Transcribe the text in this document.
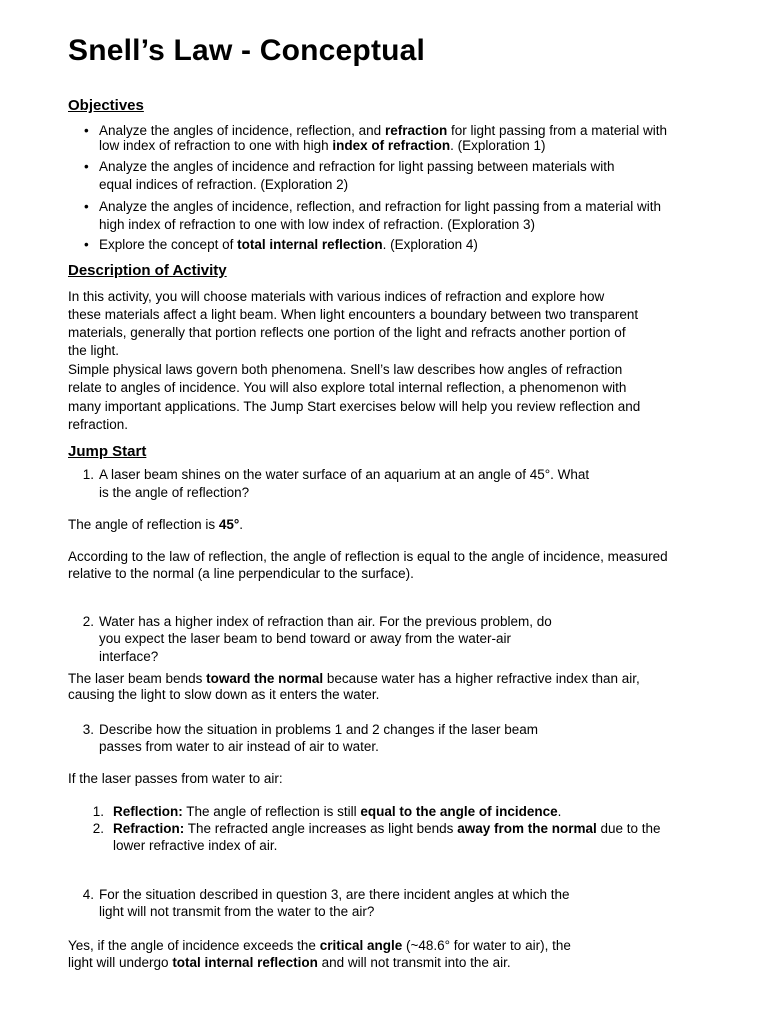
Snell’s Law - Conceptual
Objectives
• Analyze the angles of incidence, reflection, and refraction for light passing from a material with
low index of refraction to one with high index of refraction. (Exploration 1)
• Analyze the angles of incidence and refraction for light passing between materials with
equal indices of refraction. (Exploration 2)
• Analyze the angles of incidence, reflection, and refraction for light passing from a material with
high index of refraction to one with low index of refraction. (Exploration 3)
• Explore the concept of total internal reflection. (Exploration 4)
Description of Activity
In this activity, you will choose materials with various indices of refraction and explore how
these materials affect a light beam. When light encounters a boundary between two transparent
materials, generally that portion reflects one portion of the light and refracts another portion of
the light.
Simple physical laws govern both phenomena. Snell’s law describes how angles of refraction
relate to angles of incidence. You will also explore total internal reflection, a phenomenon with
many important applications. The Jump Start exercises below will help you review reflection and
refraction.
Jump Start
1. A laser beam shines on the water surface of an aquarium at an angle of 45°. What
is the angle of reflection?
The angle of reflection is 45°.
According to the law of reflection, the angle of reflection is equal to the angle of incidence, measured
relative to the normal (a line perpendicular to the surface).
2. Water has a higher index of refraction than air. For the previous problem, do
you expect the laser beam to bend toward or away from the water-air
interface?
The laser beam bends toward the normal because water has a higher refractive index than air,
causing the light to slow down as it enters the water.
3. Describe how the situation in problems 1 and 2 changes if the laser beam
passes from water to air instead of air to water.
If the laser passes from water to air:
1. Reflection: The angle of reflection is still equal to the angle of incidence.
2. Refraction: The refracted angle increases as light bends away from the normal due to the
lower refractive index of air.
4. For the situation described in question 3, are there incident angles at which the
light will not transmit from the water to the air?
Yes, if the angle of incidence exceeds the critical angle (~48.6° for water to air), the
light will undergo total internal reflection and will not transmit into the air.
